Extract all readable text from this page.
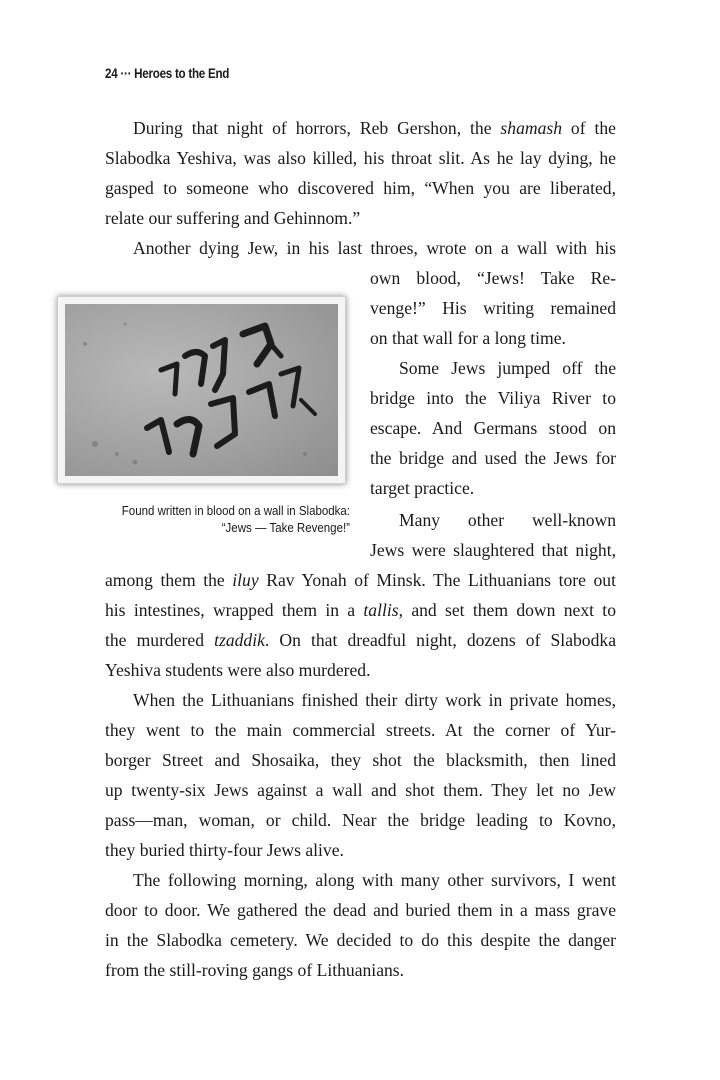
24 ··· Heroes to the End
During that night of horrors, Reb Gershon, the shamash of the
Slabodka Yeshiva, was also killed, his throat slit. As he lay dying, he
gasped to someone who discovered him, “When you are liberated,
relate our suffering and Gehinnom.”
Another dying Jew, in his last throes, wrote on a wall with his
own blood, “Jews! Take Re-
venge!” His writing remained
on that wall for a long time.
Some Jews jumped off the
bridge into the Viliya River to
escape. And Germans stood on
the bridge and used the Jews for
target practice.
Many other well-known
Jews were slaughtered that night,
among them the iluy Rav Yonah of Minsk. The Lithuanians tore out
his intestines, wrapped them in a tallis, and set them down next to
the murdered tzaddik. On that dreadful night, dozens of Slabodka
Yeshiva students were also murdered.
When the Lithuanians finished their dirty work in private homes,
they went to the main commercial streets. At the corner of Yur-
borger Street and Shosaika, they shot the blacksmith, then lined
up twenty-six Jews against a wall and shot them. They let no Jew
pass—man, woman, or child. Near the bridge leading to Kovno,
they buried thirty-four Jews alive.
The following morning, along with many other survivors, I went
door to door. We gathered the dead and buried them in a mass grave
in the Slabodka cemetery. We decided to do this despite the danger
from the still-roving gangs of Lithuanians.
Found written in blood on a wall in Slabodka:
“Jews — Take Revenge!”
